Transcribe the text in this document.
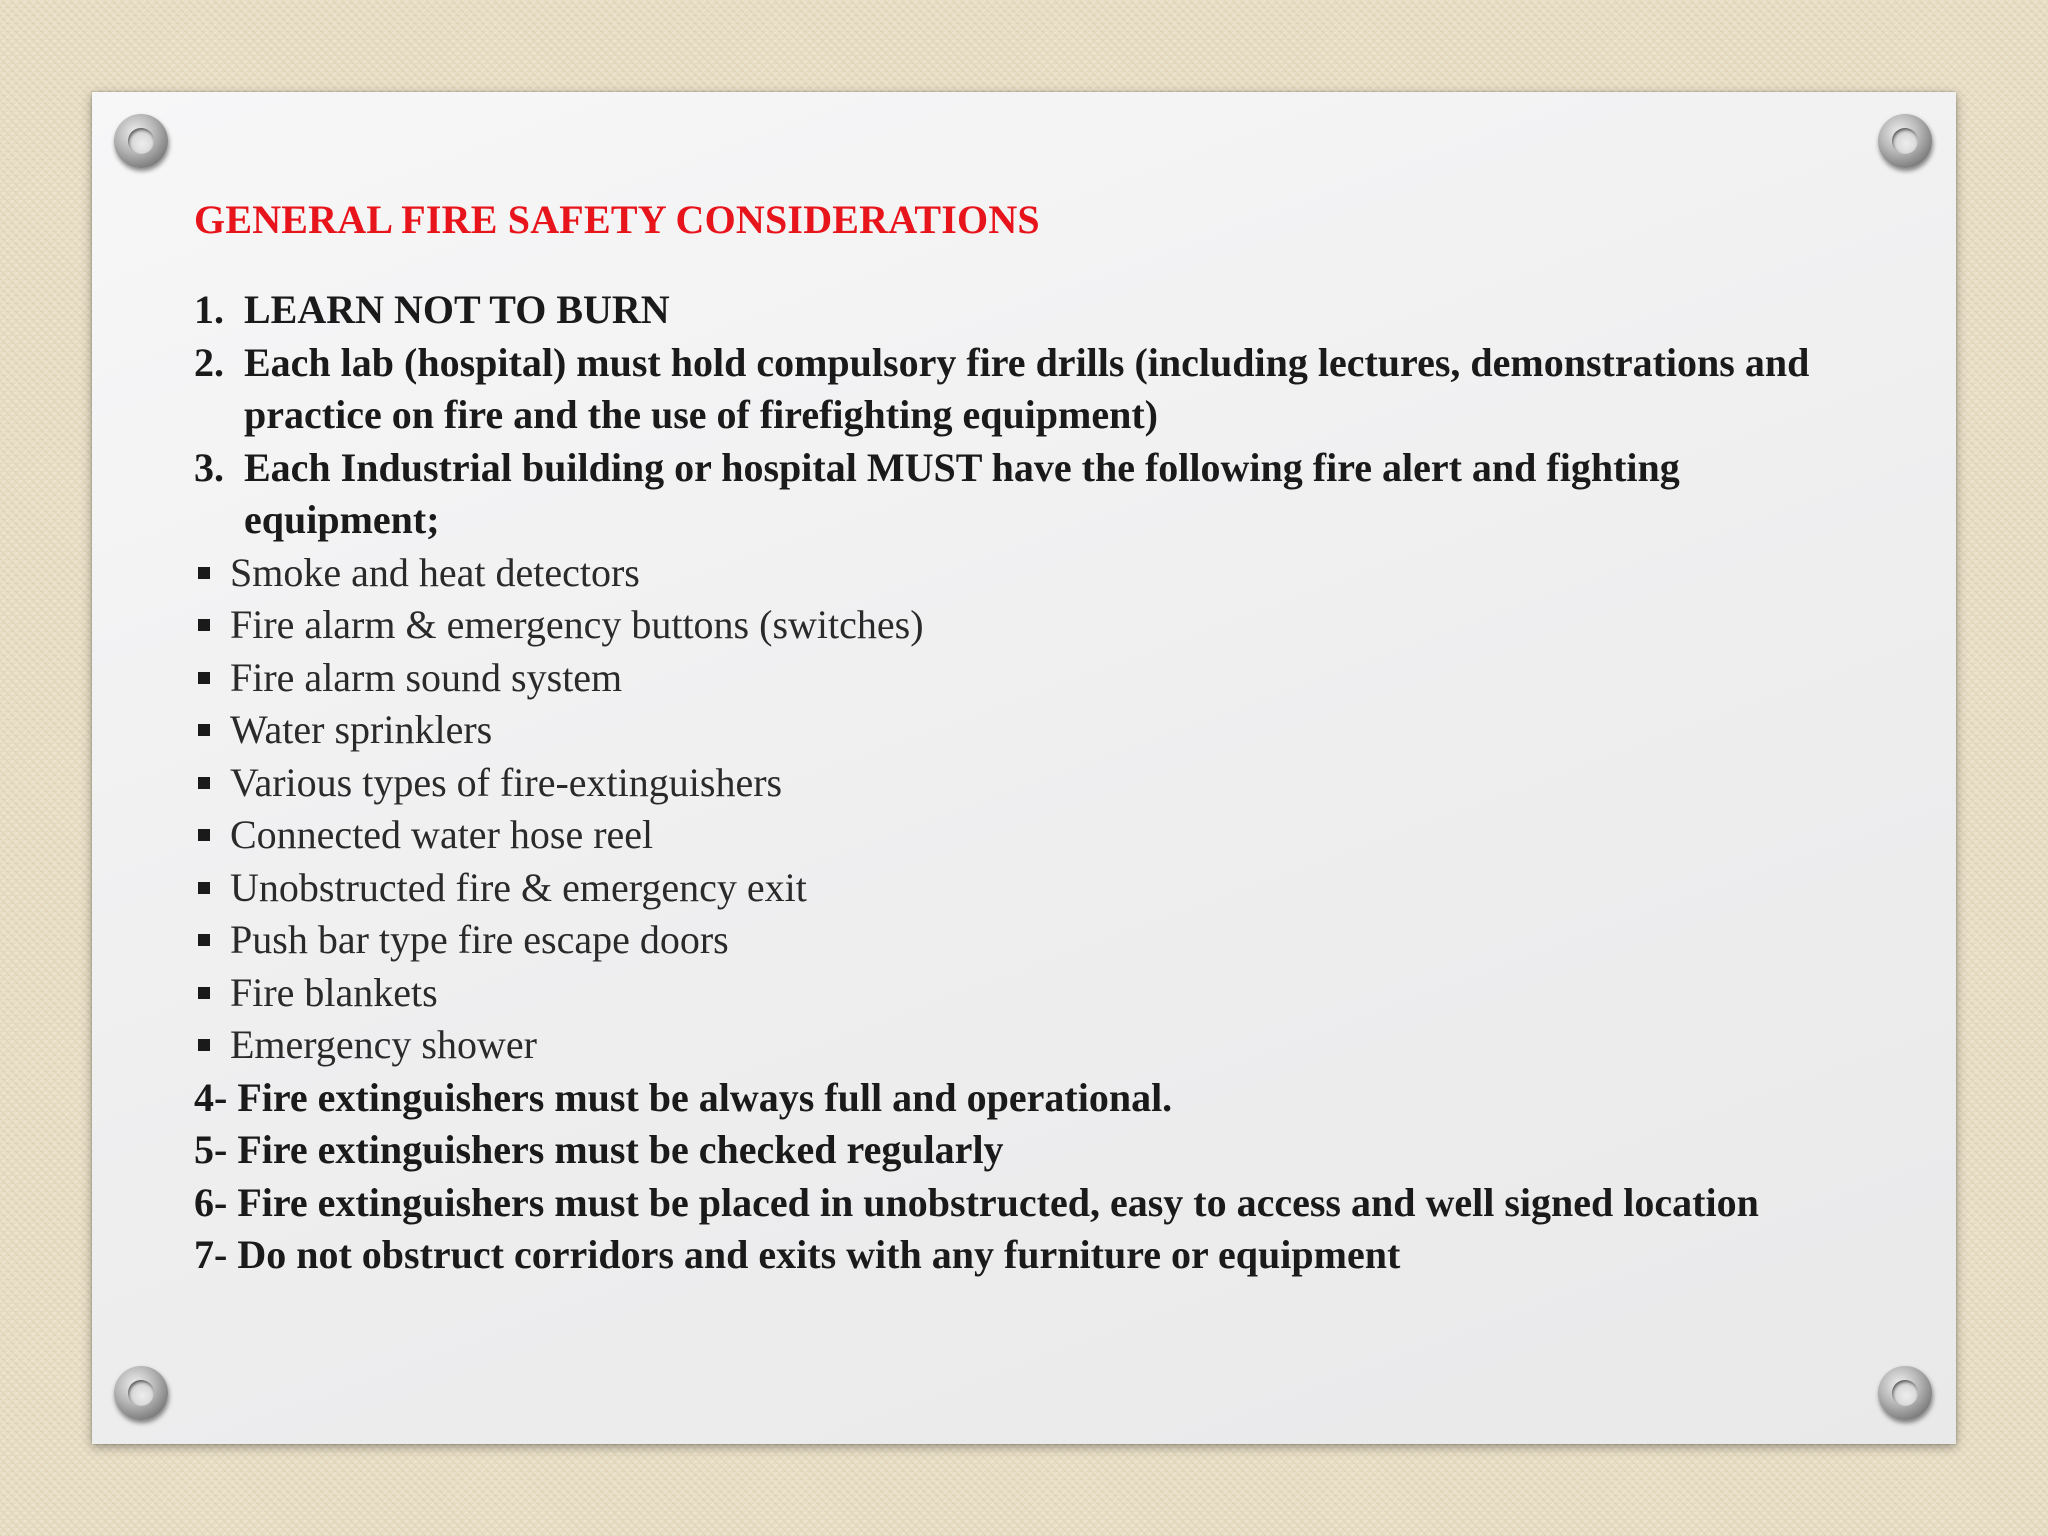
GENERAL FIRE SAFETY CONSIDERATIONS
1. LEARN NOT TO BURN
2. Each lab (hospital) must hold compulsory fire drills (including lectures, demonstrations and practice on fire and the use of firefighting equipment)
3. Each Industrial building or hospital MUST have the following fire alert and fighting equipment;
Smoke and heat detectors
Fire alarm & emergency buttons (switches)
Fire alarm sound system
Water sprinklers
Various types of fire-extinguishers
Connected water hose reel
Unobstructed fire & emergency exit
Push bar type fire escape doors
Fire blankets
Emergency shower
4- Fire extinguishers must be always full and operational.
5- Fire extinguishers must be checked regularly
6- Fire extinguishers must be placed in unobstructed, easy to access and well signed location
7- Do not obstruct corridors and exits with any furniture or equipment
